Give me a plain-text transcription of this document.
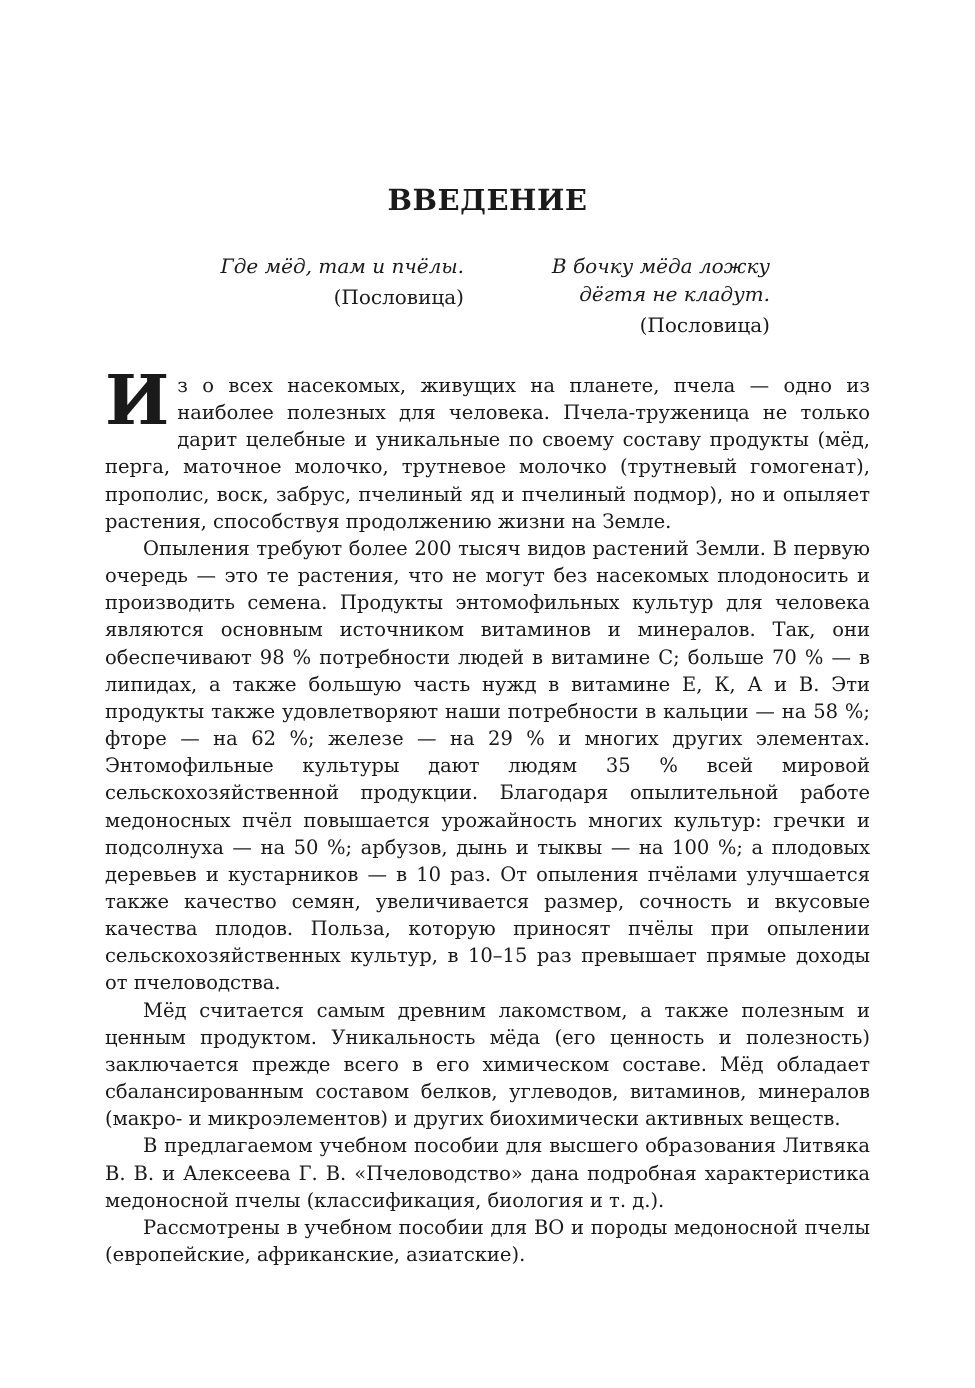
ВВЕДЕНИЕ

Где мёд, там и пчёлы.

(Пословица)

В бочку мёда ложку

дёгтя не кладут.

(Пословица)

Из о всех насекомых, живущих на планете, пчела — одно из наиболее полезных для человека. Пчела-труженица не только дарит целебные и уникальные по своему составу продукты (мёд, перга, маточное молочко, трутневое молочко (трутневый гомогенат), прополис, воск, забрус, пчелиный яд и пчелиный подмор), но и опыляет растения, способствуя продолжению жизни на Земле.

Опыления требуют более 200 тысяч видов растений Земли. В первую очередь — это те растения, что не могут без насекомых плодоносить и производить семена. Продукты энтомофильных культур для человека являются основным источником витаминов и минералов. Так, они обеспечивают 98 % потребности людей в витамине С; больше 70 % — в липидах, а также большую часть нужд в витамине Е, К, А и В. Эти продукты также удовлетворяют наши потребности в кальции — на 58 %; фторе — на 62 %; железе — на 29 % и многих других элементах. Энтомофильные культуры дают людям 35 % всей мировой сельскохозяйственной продукции. Благодаря опылительной работе медоносных пчёл повышается урожайность многих культур: гречки и подсолнуха — на 50 %; арбузов, дынь и тыквы — на 100 %; а плодовых деревьев и кустарников — в 10 раз. От опыления пчёлами улучшается также качество семян, увеличивается размер, сочность и вкусовые качества плодов. Польза, которую приносят пчёлы при опылении сельскохозяйственных культур, в 10–15 раз превышает прямые доходы от пчеловодства.

Мёд считается самым древним лакомством, а также полезным и ценным продуктом. Уникальность мёда (его ценность и полезность) заключается прежде всего в его химическом составе. Мёд обладает сбалансированным составом белков, углеводов, витаминов, минералов (макро- и микроэлементов) и других биохимически активных веществ.

В предлагаемом учебном пособии для высшего образования Литвяка В. В. и Алексеева Г. В. «Пчеловодство» дана подробная характеристика медоносной пчелы (классификация, биология и т. д.).

Рассмотрены в учебном пособии для ВО и породы медоносной пчелы (европейские, африканские, азиатские).
